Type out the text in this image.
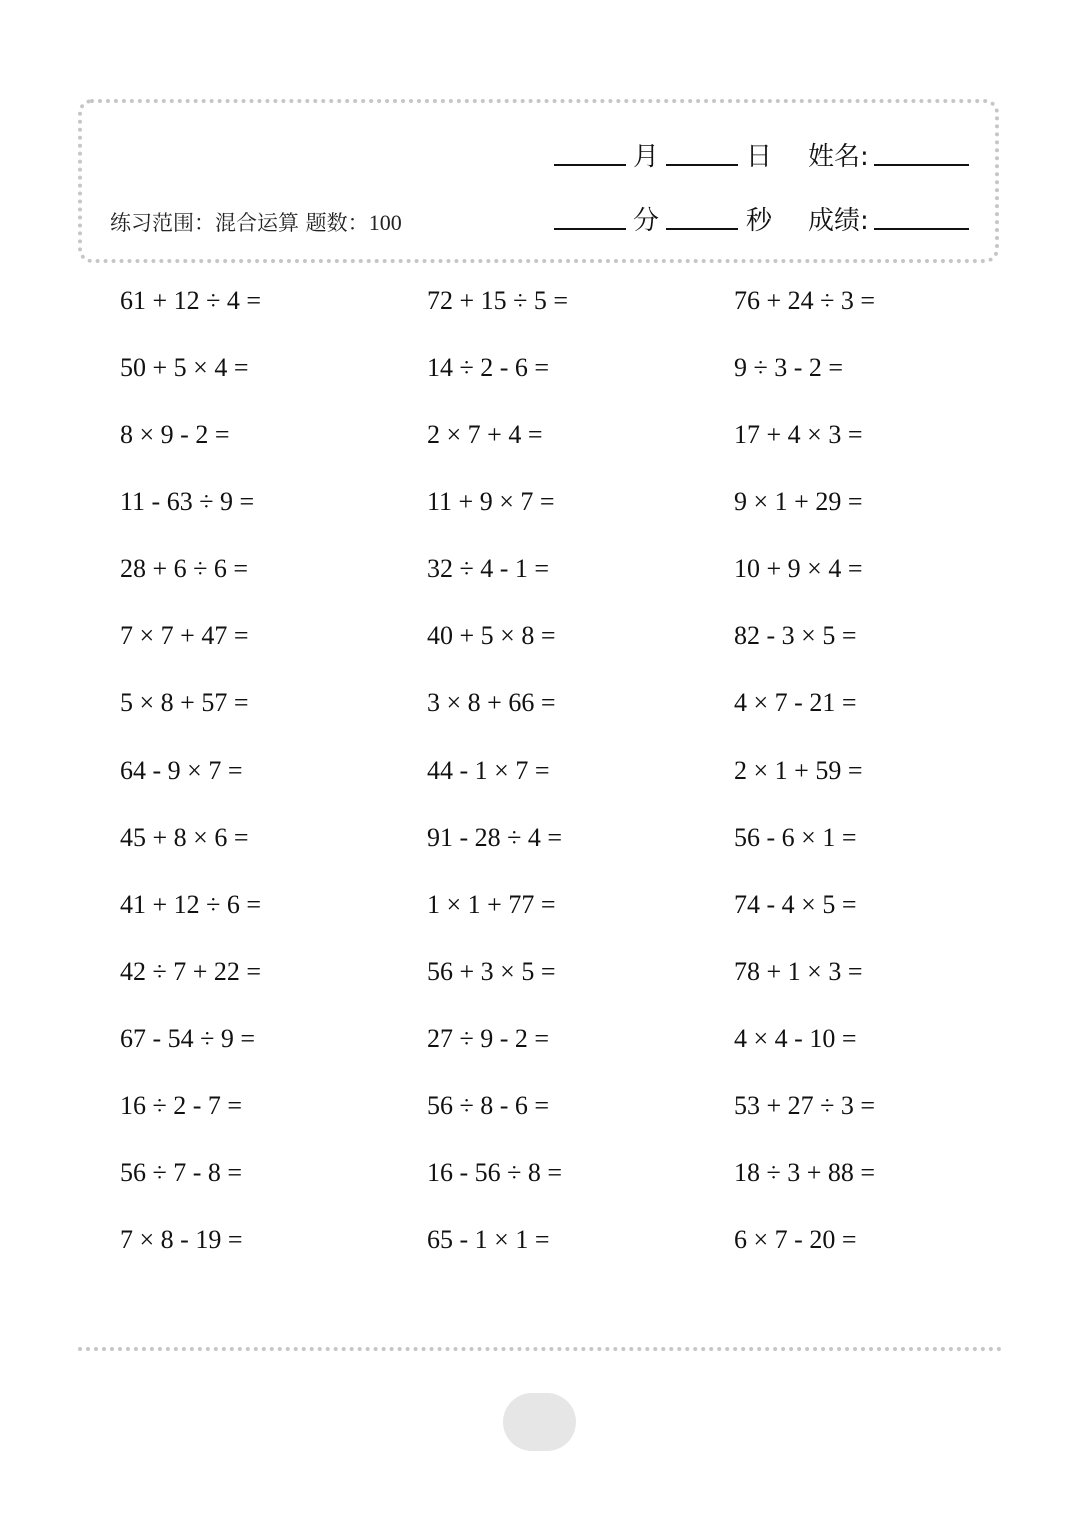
月	日 姓名:
分	秒 成绩:
练习范围：混合运算 题数：100
61 + 12 ÷ 4 =	72 + 15 ÷ 5 =	76 + 24 ÷ 3 =
50 + 5 × 4 =	14 ÷ 2 - 6 =	9 ÷ 3 - 2 =
8 × 9 - 2 =	2 × 7 + 4 =	17 + 4 × 3 =
11 - 63 ÷ 9 =	11 + 9 × 7 =	9 × 1 + 29 =
28 + 6 ÷ 6 =	32 ÷ 4 - 1 =	10 + 9 × 4 =
7 × 7 + 47 =	40 + 5 × 8 =	82 - 3 × 5 =
5 × 8 + 57 =	3 × 8 + 66 =	4 × 7 - 21 =
64 - 9 × 7 =	44 - 1 × 7 =	2 × 1 + 59 =
45 + 8 × 6 =	91 - 28 ÷ 4 =	56 - 6 × 1 =
41 + 12 ÷ 6 =	1 × 1 + 77 =	74 - 4 × 5 =
42 ÷ 7 + 22 =	56 + 3 × 5 =	78 + 1 × 3 =
67 - 54 ÷ 9 =	27 ÷ 9 - 2 =	4 × 4 - 10 =
16 ÷ 2 - 7 =	56 ÷ 8 - 6 =	53 + 27 ÷ 3 =
56 ÷ 7 - 8 =	16 - 56 ÷ 8 =	18 ÷ 3 + 88 =
7 × 8 - 19 =	65 - 1 × 1 =	6 × 7 - 20 =
